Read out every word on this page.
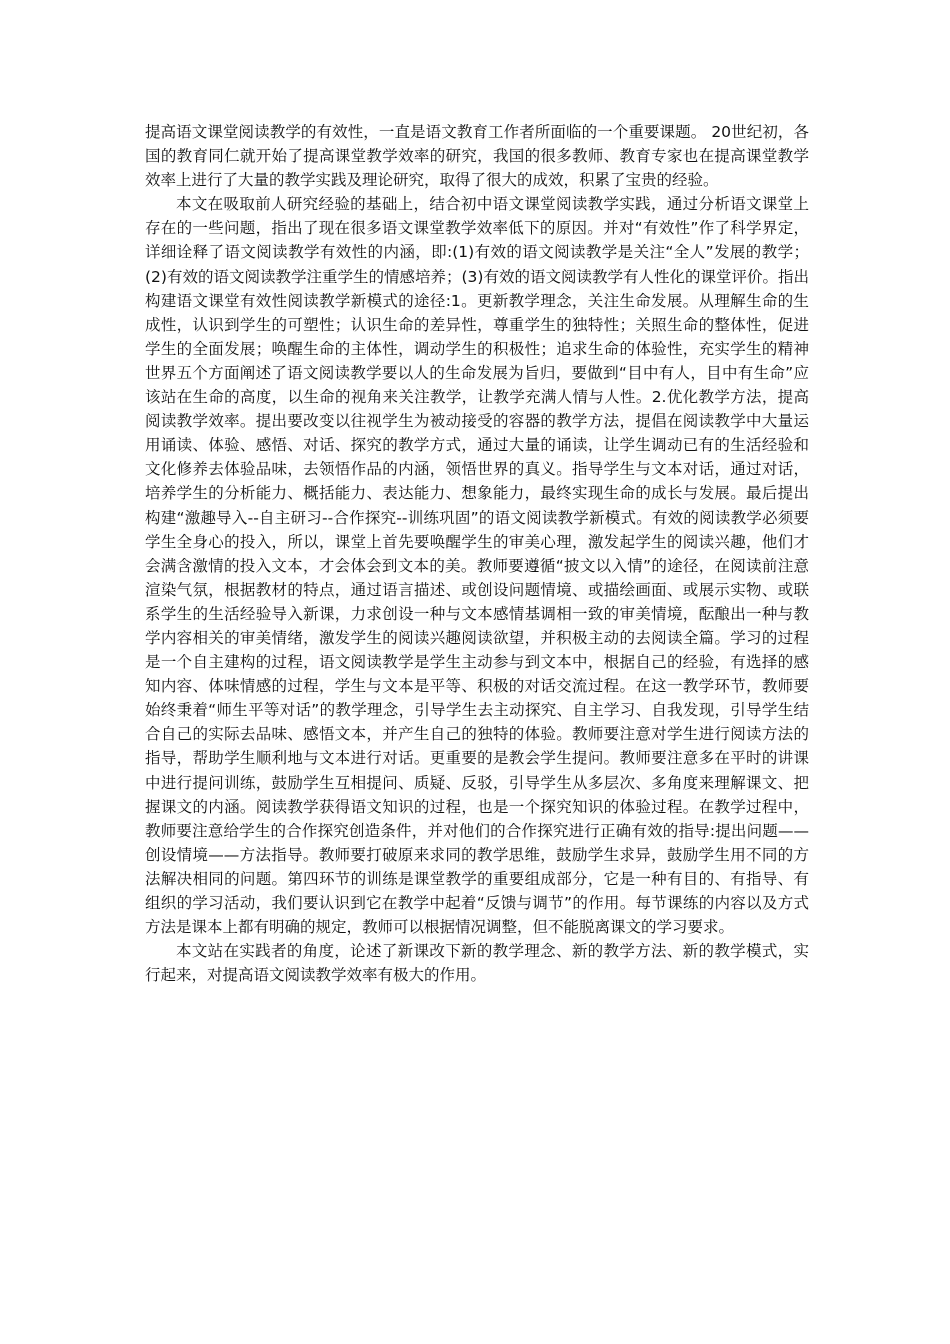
提高语文课堂阅读教学的有效性，一直是语文教育工作者所面临的一个重要课题。 20世纪初，各国的教育同仁就开始了提高课堂教学效率的研究，我国的很多教师、教育专家也在提高课堂教学效率上进行了大量的教学实践及理论研究，取得了很大的成效，积累了宝贵的经验。

本文在吸取前人研究经验的基础上，结合初中语文课堂阅读教学实践，通过分析语文课堂上存在的一些问题，指出了现在很多语文课堂教学效率低下的原因。并对“有效性”作了科学界定，详细诠释了语文阅读教学有效性的内涵，即:(1)有效的语文阅读教学是关注“全人”发展的教学；(2)有效的语文阅读教学注重学生的情感培养；(3)有效的语文阅读教学有人性化的课堂评价。指出构建语文课堂有效性阅读教学新模式的途径:1。更新教学理念，关注生命发展。从理解生命的生成性，认识到学生的可塑性；认识生命的差异性，尊重学生的独特性；关照生命的整体性，促进学生的全面发展；唤醒生命的主体性，调动学生的积极性；追求生命的体验性，充实学生的精神世界五个方面阐述了语文阅读教学要以人的生命发展为旨归，要做到“目中有人，目中有生命”应该站在生命的高度，以生命的视角来关注教学，让教学充满人情与人性。2.优化教学方法，提高阅读教学效率。提出要改变以往视学生为被动接受的容器的教学方法，提倡在阅读教学中大量运用诵读、体验、感悟、对话、探究的教学方式，通过大量的诵读，让学生调动已有的生活经验和文化修养去体验品味，去领悟作品的内涵，领悟世界的真义。指导学生与文本对话，通过对话，培养学生的分析能力、概括能力、表达能力、想象能力，最终实现生命的成长与发展。最后提出构建“激趣导入--自主研习--合作探究--训练巩固”的语文阅读教学新模式。有效的阅读教学必须要学生全身心的投入，所以，课堂上首先要唤醒学生的审美心理，激发起学生的阅读兴趣，他们才会满含激情的投入文本，才会体会到文本的美。教师要遵循“披文以入情”的途径，在阅读前注意渲染气氛，根据教材的特点，通过语言描述、或创设问题情境、或描绘画面、或展示实物、或联系学生的生活经验导入新课，力求创设一种与文本感情基调相一致的审美情境，酝酿出一种与教学内容相关的审美情绪，激发学生的阅读兴趣阅读欲望，并积极主动的去阅读全篇。学习的过程是一个自主建构的过程，语文阅读教学是学生主动参与到文本中，根据自己的经验，有选择的感知内容、体味情感的过程，学生与文本是平等、积极的对话交流过程。在这一教学环节，教师要始终秉着“师生平等对话”的教学理念，引导学生去主动探究、自主学习、自我发现，引导学生结合自己的实际去品味、感悟文本，并产生自己的独特的体验。教师要注意对学生进行阅读方法的指导，帮助学生顺利地与文本进行对话。更重要的是教会学生提问。教师要注意多在平时的讲课中进行提问训练，鼓励学生互相提问、质疑、反驳，引导学生从多层次、多角度来理解课文、把握课文的内涵。阅读教学获得语文知识的过程，也是一个探究知识的体验过程。在教学过程中，教师要注意给学生的合作探究创造条件，并对他们的合作探究进行正确有效的指导:提出问题——创设情境——方法指导。教师要打破原来求同的教学思维，鼓励学生求异，鼓励学生用不同的方法解决相同的问题。第四环节的训练是课堂教学的重要组成部分，它是一种有目的、有指导、有组织的学习活动，我们要认识到它在教学中起着“反馈与调节”的作用。每节课练的内容以及方式方法是课本上都有明确的规定，教师可以根据情况调整，但不能脱离课文的学习要求。

本文站在实践者的角度，论述了新课改下新的教学理念、新的教学方法、新的教学模式，实行起来，对提高语文阅读教学效率有极大的作用。
